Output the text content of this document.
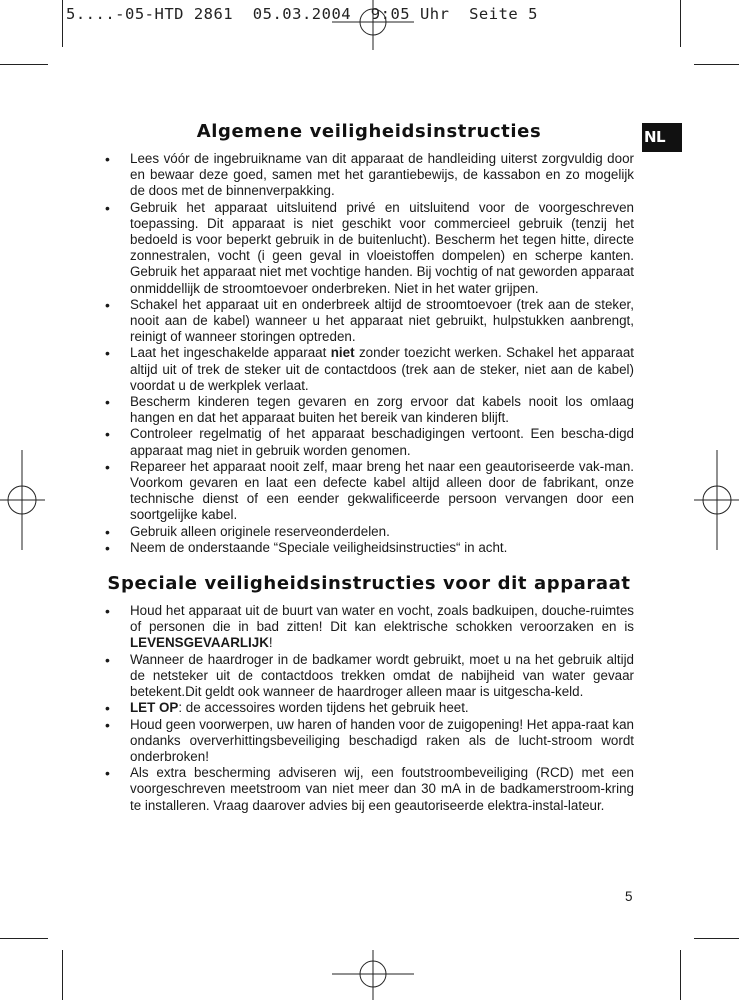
5....-05-HTD 2861  05.03.2004  9:05 Uhr  Seite 5
NL
Algemene veiligheidsinstructies
• Lees vóór de ingebruikname van dit apparaat de handleiding uiterst zorgvuldig door en bewaar deze goed, samen met het garantiebewijs, de kassabon en zo mogelijk de doos met de binnenverpakking.
• Gebruik het apparaat uitsluitend privé en uitsluitend voor de voorgeschreven toepassing. Dit apparaat is niet geschikt voor commercieel gebruik (tenzij het bedoeld is voor beperkt gebruik in de buitenlucht). Bescherm het tegen hitte, directe zonnestralen, vocht (i geen geval in vloeistoffen dompelen) en scherpe kanten. Gebruik het apparaat niet met vochtige handen. Bij vochtig of nat geworden apparaat onmiddellijk de stroomtoevoer onderbreken. Niet in het water grijpen.
• Schakel het apparaat uit en onderbreek altijd de stroomtoevoer (trek aan de steker, nooit aan de kabel) wanneer u het apparaat niet gebruikt, hulpstukken aanbrengt, reinigt of wanneer storingen optreden.
• Laat het ingeschakelde apparaat niet zonder toezicht werken. Schakel het apparaat altijd uit of trek de steker uit de contactdoos (trek aan de steker, niet aan de kabel) voordat u de werkplek verlaat.
• Bescherm kinderen tegen gevaren en zorg ervoor dat kabels nooit los omlaag hangen en dat het apparaat buiten het bereik van kinderen blijft.
• Controleer regelmatig of het apparaat beschadigingen vertoont. Een bescha-digd apparaat mag niet in gebruik worden genomen.
• Repareer het apparaat nooit zelf, maar breng het naar een geautoriseerde vak-man. Voorkom gevaren en laat een defecte kabel altijd alleen door de fabrikant, onze technische dienst of een eender gekwalificeerde persoon vervangen door een soortgelijke kabel.
• Gebruik alleen originele reserveonderdelen.
• Neem de onderstaande “Speciale veiligheidsinstructies“ in acht.
Speciale veiligheidsinstructies voor dit apparaat
• Houd het apparaat uit de buurt van water en vocht, zoals badkuipen, douche-ruimtes of personen die in bad zitten! Dit kan elektrische schokken veroorzaken en is LEVENSGEVAARLIJK!
• Wanneer de haardroger in de badkamer wordt gebruikt, moet u na het gebruik altijd de netsteker uit de contactdoos trekken omdat de nabijheid van water gevaar betekent.Dit geldt ook wanneer de haardroger alleen maar is uitgescha-keld.
• LET OP: de accessoires worden tijdens het gebruik heet.
• Houd geen voorwerpen, uw haren of handen voor de zuigopening! Het appa-raat kan ondanks oververhittingsbeveiliging beschadigd raken als de lucht-stroom wordt onderbroken!
• Als extra bescherming adviseren wij, een foutstroombeveiliging (RCD) met een voorgeschreven meetstroom van niet meer dan 30 mA in de badkamerstroom-kring te installeren. Vraag daarover advies bij een geautoriseerde elektra-instal-lateur.
5
